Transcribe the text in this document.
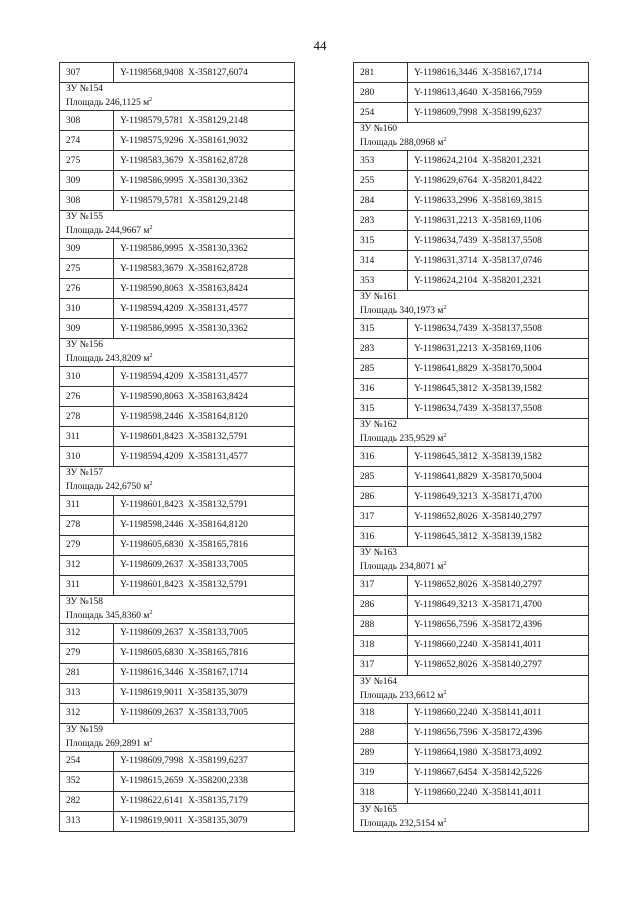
44
307	Y-1198568,9408  X-358127,6074
ЗУ №154
Площадь 246,1125 $м^2$
308	Y-1198579,5781  X-358129,2148
274	Y-1198575,9296  X-358161,9032
275	Y-1198583,3679  X-358162,8728
309	Y-1198586,9995  X-358130,3362
308	Y-1198579,5781  X-358129,2148
ЗУ №155
Площадь 244,9667 $м^2$
309	Y-1198586,9995  X-358130,3362
275	Y-1198583,3679  X-358162,8728
276	Y-1198590,8063  X-358163,8424
310	Y-1198594,4209  X-358131,4577
309	Y-1198586,9995  X-358130,3362
ЗУ №156
Площадь 243,8209 $м^2$
310	Y-1198594,4209  X-358131,4577
276	Y-1198590,8063  X-358163,8424
278	Y-1198598,2446  X-358164,8120
311	Y-1198601,8423  X-358132,5791
310	Y-1198594,4209  X-358131,4577
ЗУ №157
Площадь 242,6750 $м^2$
311	Y-1198601,8423  X-358132,5791
278	Y-1198598,2446  X-358164,8120
279	Y-1198605,6830  X-358165,7816
312	Y-1198609,2637  X-358133,7005
311	Y-1198601,8423  X-358132,5791
ЗУ №158
Площадь 345,8360 $м^2$
312	Y-1198609,2637  X-358133,7005
279	Y-1198605,6830  X-358165,7816
281	Y-1198616,3446  X-358167,1714
313	Y-1198619,9011  X-358135,3079
312	Y-1198609,2637  X-358133,7005
ЗУ №159
Площадь 269,2891 $м^2$
254	Y-1198609,7998  X-358199,6237
352	Y-1198615,2659  X-358200,2338
282	Y-1198622,6141  X-358135,7179
313	Y-1198619,9011  X-358135,3079
281	Y-1198616,3446  X-358167,1714
280	Y-1198613,4640  X-358166,7959
254	Y-1198609,7998  X-358199,6237
ЗУ №160
Площадь 288,0968 $м^2$
353	Y-1198624,2104  X-358201,2321
255	Y-1198629,6764  X-358201,8422
284	Y-1198633,2996  X-358169,3815
283	Y-1198631,2213  X-358169,1106
315	Y-1198634,7439  X-358137,5508
314	Y-1198631,3714  X-358137,0746
353	Y-1198624,2104  X-358201,2321
ЗУ №161
Площадь 340,1973 $м^2$
315	Y-1198634,7439  X-358137,5508
283	Y-1198631,2213  X-358169,1106
285	Y-1198641,8829  X-358170,5004
316	Y-1198645,3812  X-358139,1582
315	Y-1198634,7439  X-358137,5508
ЗУ №162
Площадь 235,9529 $м^2$
316	Y-1198645,3812  X-358139,1582
285	Y-1198641,8829  X-358170,5004
286	Y-1198649,3213  X-358171,4700
317	Y-1198652,8026  X-358140,2797
316	Y-1198645,3812  X-358139,1582
ЗУ №163
Площадь 234,8071 $м^2$
317	Y-1198652,8026  X-358140,2797
286	Y-1198649,3213  X-358171,4700
288	Y-1198656,7596  X-358172,4396
318	Y-1198660,2240  X-358141,4011
317	Y-1198652,8026  X-358140,2797
ЗУ №164
Площадь 233,6612 $м^2$
318	Y-1198660,2240  X-358141,4011
288	Y-1198656,7596  X-358172,4396
289	Y-1198664,1980  X-358173,4092
319	Y-1198667,6454  X-358142,5226
318	Y-1198660,2240  X-358141,4011
ЗУ №165
Площадь 232,5154 $м^2$
